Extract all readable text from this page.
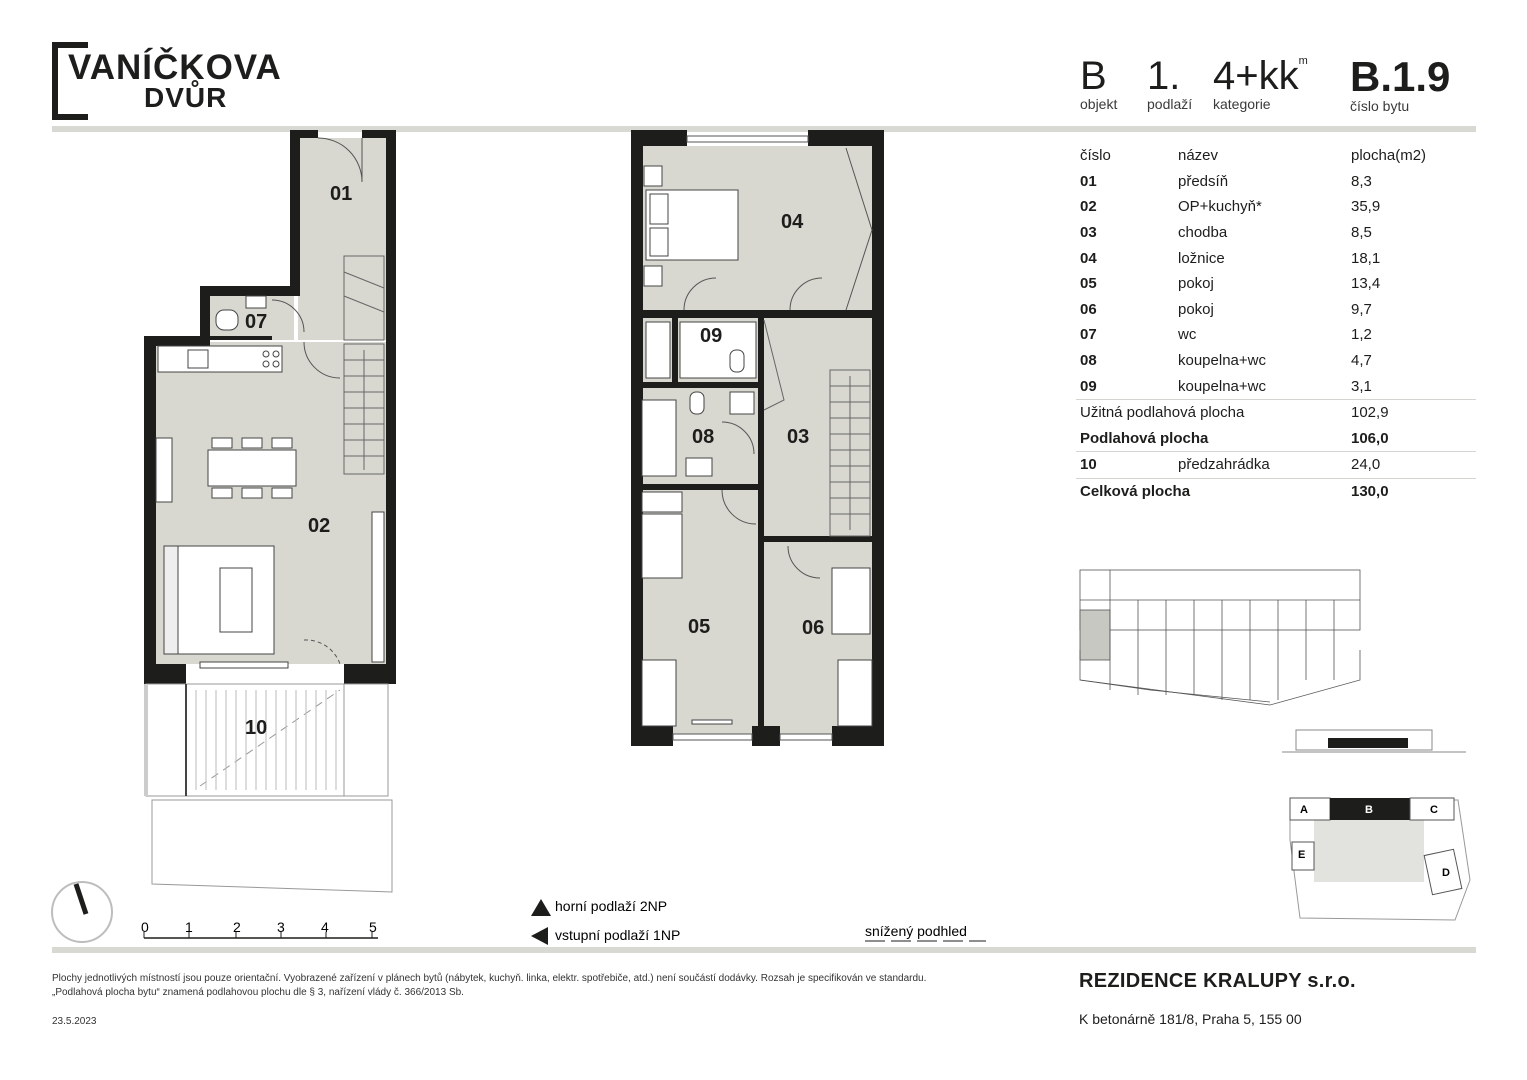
VANÍČKOVA
DVŮR	B
objekt
1.
podlaží
$4+kk^m$
kategorie
B.1.9
číslo bytu
číslo	název	plocha(m2)
01	předsíň	8,3
02	OP+kuchyň*	35,9
03	chodba	8,5
04	ložnice	18,1
05	pokoj	13,4
06	pokoj	9,7
07	wc	1,2
08	koupelna+wc	4,7
09	koupelna+wc	3,1
Užitná podlahová plocha		102,9
Podlahová plocha		106,0
10	předzahrádka	24,0
Celková plocha		130,0
01
07
02
10
04
09
08	03
05	06
0	1	2	3	4	5
horní podlaží 2NP
vstupní podlaží 1NP	snížený podhled
A	B	C
D
E
Plochy jednotlivých místností jsou pouze orientační. Vyobrazené zařízení v plánech bytů (nábytek, kuchyň. linka, elektr. spotřebiče, atd.) není součástí dodávky. Rozsah je specifikován ve standardu.
„Podlahová plocha bytu“ znamená podlahovou plochu dle § 3, nařízení vlády č. 366/2013 Sb.
23.5.2023
REZIDENCE KRALUPY s.r.o.
K betonárně 181/8, Praha 5, 155 00
